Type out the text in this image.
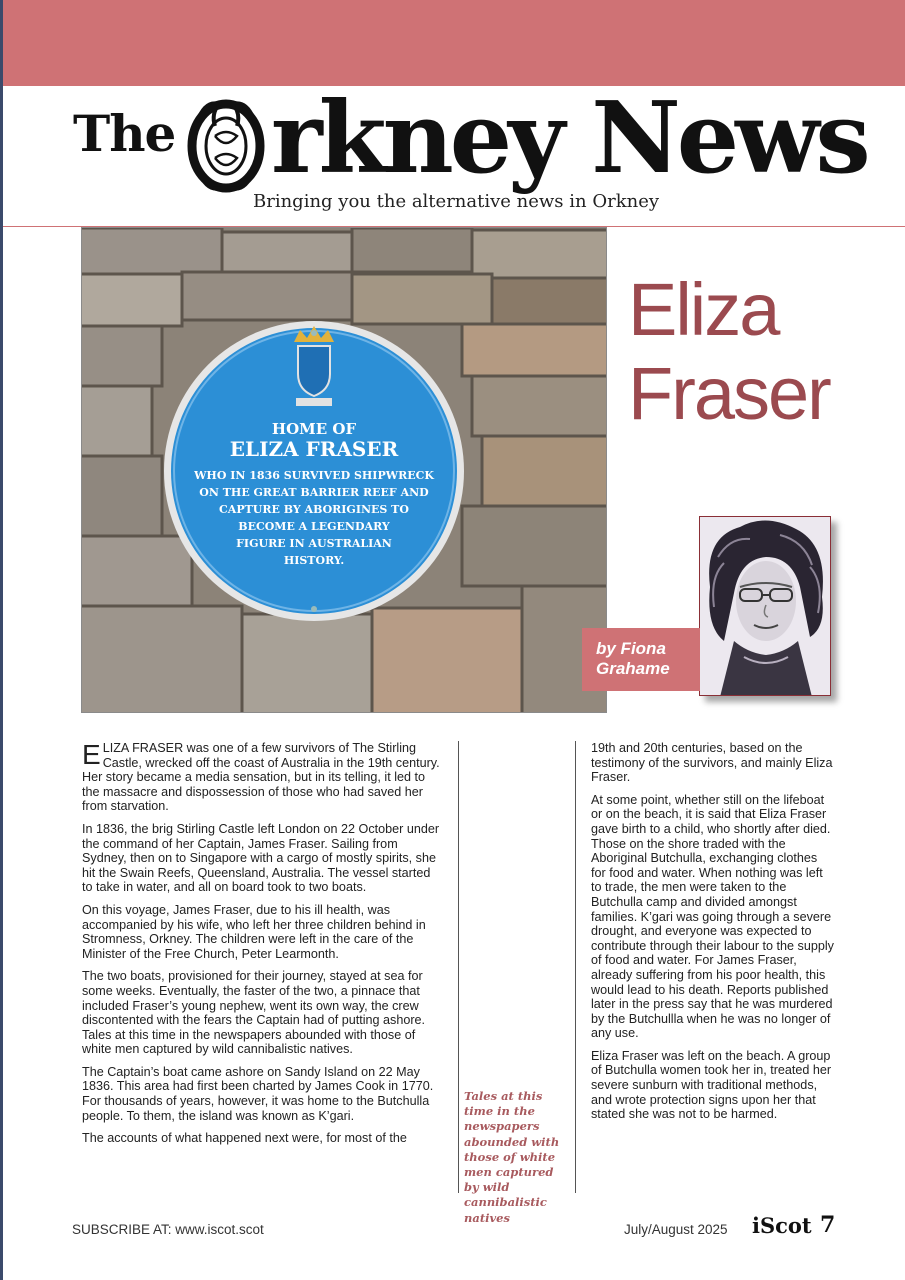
The rkney News
Bringing you the alternative news in Orkney
HOME OF
ELIZA FRASER
WHO IN 1836 SURVIVED SHIPWRECK
ON THE GREAT BARRIER REEF AND
CAPTURE BY ABORIGINES TO
BECOME A LEGENDARY
FIGURE IN AUSTRALIAN
HISTORY.
Eliza
Fraser
by Fiona
Grahame

ELIZA FRASER was one of a few survivors of The Stirling Castle, wrecked off the coast of Australia in the 19th century. Her story became a media sensation, but in its telling, it led to the massacre and dispossession of those who had saved her from starvation.

In 1836, the brig Stirling Castle left London on 22 October under the command of her Captain, James Fraser. Sailing from Sydney, then on to Singapore with a cargo of mostly spirits, she hit the Swain Reefs, Queensland, Australia. The vessel started to take in water, and all on board took to two boats.

On this voyage, James Fraser, due to his ill health, was accompanied by his wife, who left her three children behind in Stromness, Orkney. The children were left in the care of the Minister of the Free Church, Peter Learmonth.

The two boats, provisioned for their journey, stayed at sea for some weeks. Eventually, the faster of the two, a pinnace that included Fraser’s young nephew, went its own way, the crew discontented with the fears the Captain had of putting ashore. Tales at this time in the newspapers abounded with those of white men captured by wild cannibalistic natives.

The Captain’s boat came ashore on Sandy Island on 22 May 1836. This area had first been charted by James Cook in 1770. For thousands of years, however, it was home to the Butchulla people. To them, the island was known as K’gari.

The accounts of what happened next were, for most of the

Tales at this time in the newspapers abounded with those of white men captured by wild cannibalistic natives

19th and 20th centuries, based on the testimony of the survivors, and mainly Eliza Fraser.

At some point, whether still on the lifeboat or on the beach, it is said that Eliza Fraser gave birth to a child, who shortly after died. Those on the shore traded with the Aboriginal Butchulla, exchanging clothes for food and water. When nothing was left to trade, the men were taken to the Butchulla camp and divided amongst families. K’gari was going through a severe drought, and everyone was expected to contribute through their labour to the supply of food and water. For James Fraser, already suffering from his poor health, this would lead to his death. Reports published later in the press say that he was murdered by the Butchullla when he was no longer of any use.

Eliza Fraser was left on the beach. A group of Butchulla women took her in, treated her severe sunburn with traditional methods, and wrote protection signs upon her that stated she was not to be harmed.

SUBSCRIBE AT: www.iscot.scot	July/August 2025 iScot 7
